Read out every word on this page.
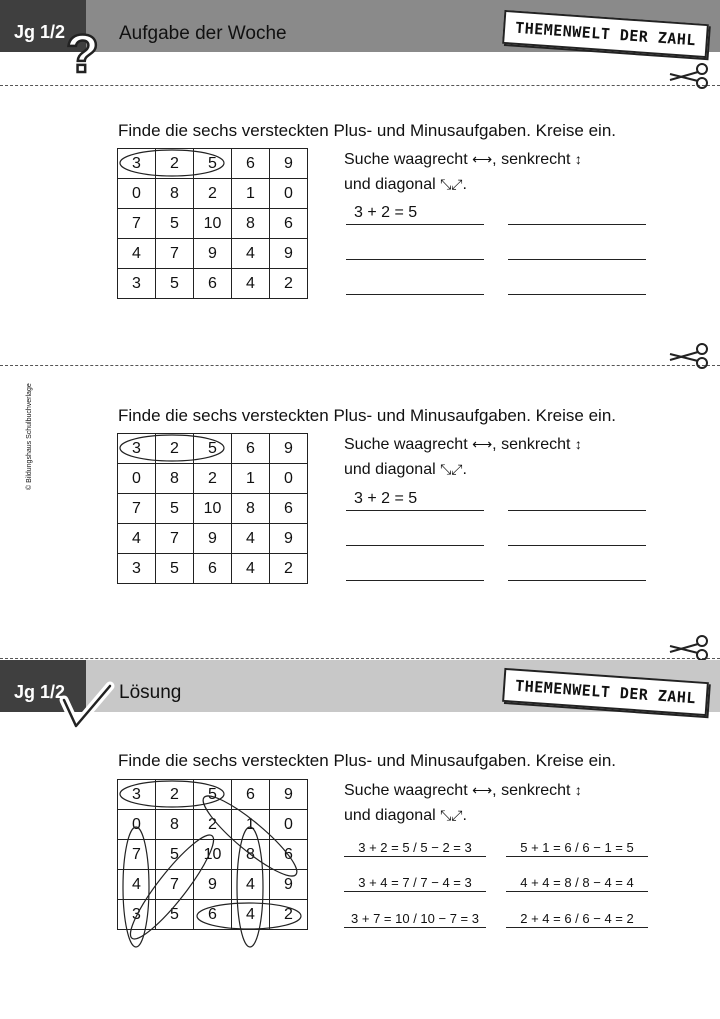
Jg 1/2 ? Aufgabe der Woche	THEMENWELT DER ZAHL
© Bildungshaus Schulbuchverlage
Finde die sechs versteckten Plus- und Minusaufgaben. Kreise ein.
3	2	5	6	9
0	8	2	1	0
7	5	10	8	6
4	7	9	4	9
3	5	6	4	2
Suche waagrecht ⟷, senkrecht ↕
und diagonal ⤡⤢.
3 + 2 = 5
Finde die sechs versteckten Plus- und Minusaufgaben. Kreise ein.
3	2	5	6	9
0	8	2	1	0
7	5	10	8	6
4	7	9	4	9
3	5	6	4	2
Suche waagrecht ⟷, senkrecht ↕
und diagonal ⤡⤢.
3 + 2 = 5
Jg 1/2	Lösung	THEMENWELT DER ZAHL
Finde die sechs versteckten Plus- und Minusaufgaben. Kreise ein.
3	2	5	6	9
0	8	2	1	0
7	5	10	8	6
4	7	9	4	9
3	5	6	4	2
Suche waagrecht ⟷, senkrecht ↕
und diagonal ⤡⤢.
3 + 2 = 5 / 5 − 2 = 3	5 + 1 = 6 / 6 − 1 = 5
3 + 4 = 7 / 7 − 4 = 3	4 + 4 = 8 / 8 − 4 = 4
3 + 7 = 10 / 10 − 7 = 3	2 + 4 = 6 / 6 − 4 = 2
